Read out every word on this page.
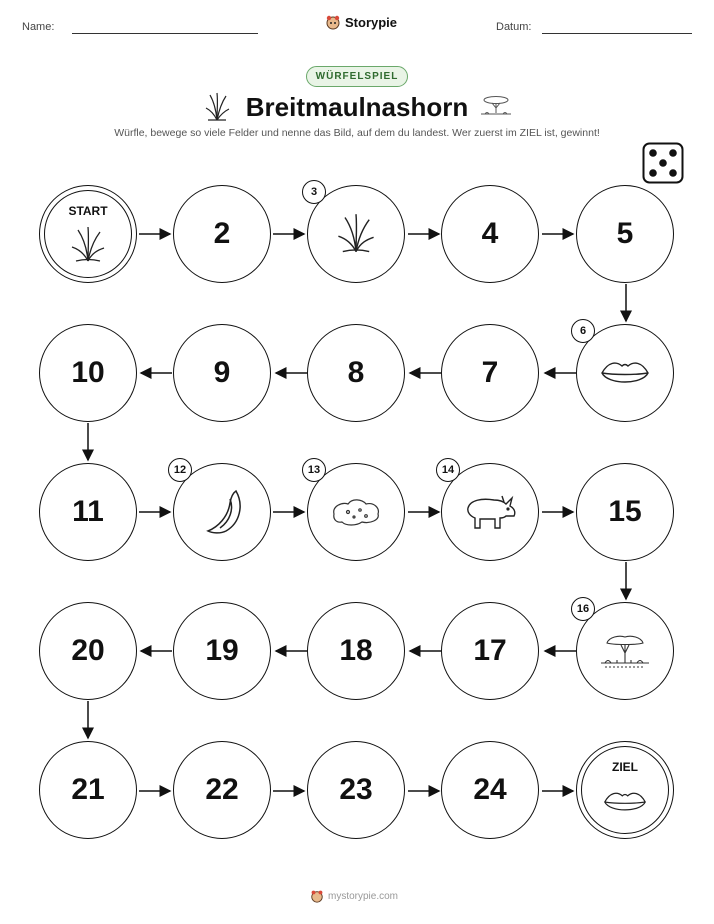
Name:	Storypie	Datum:
WÜRFELSPIEL
Breitmaulnashorn
Würfle, bewege so viele Felder und nenne das Bild, auf dem du landest. Wer zuerst im ZIEL ist, gewinnt!
START
2
3
4	5
10	9	8	7
6
11
12	13	14
15
20	19	18	17
16
21	22	23	24
ZIEL
mystorypie.com
